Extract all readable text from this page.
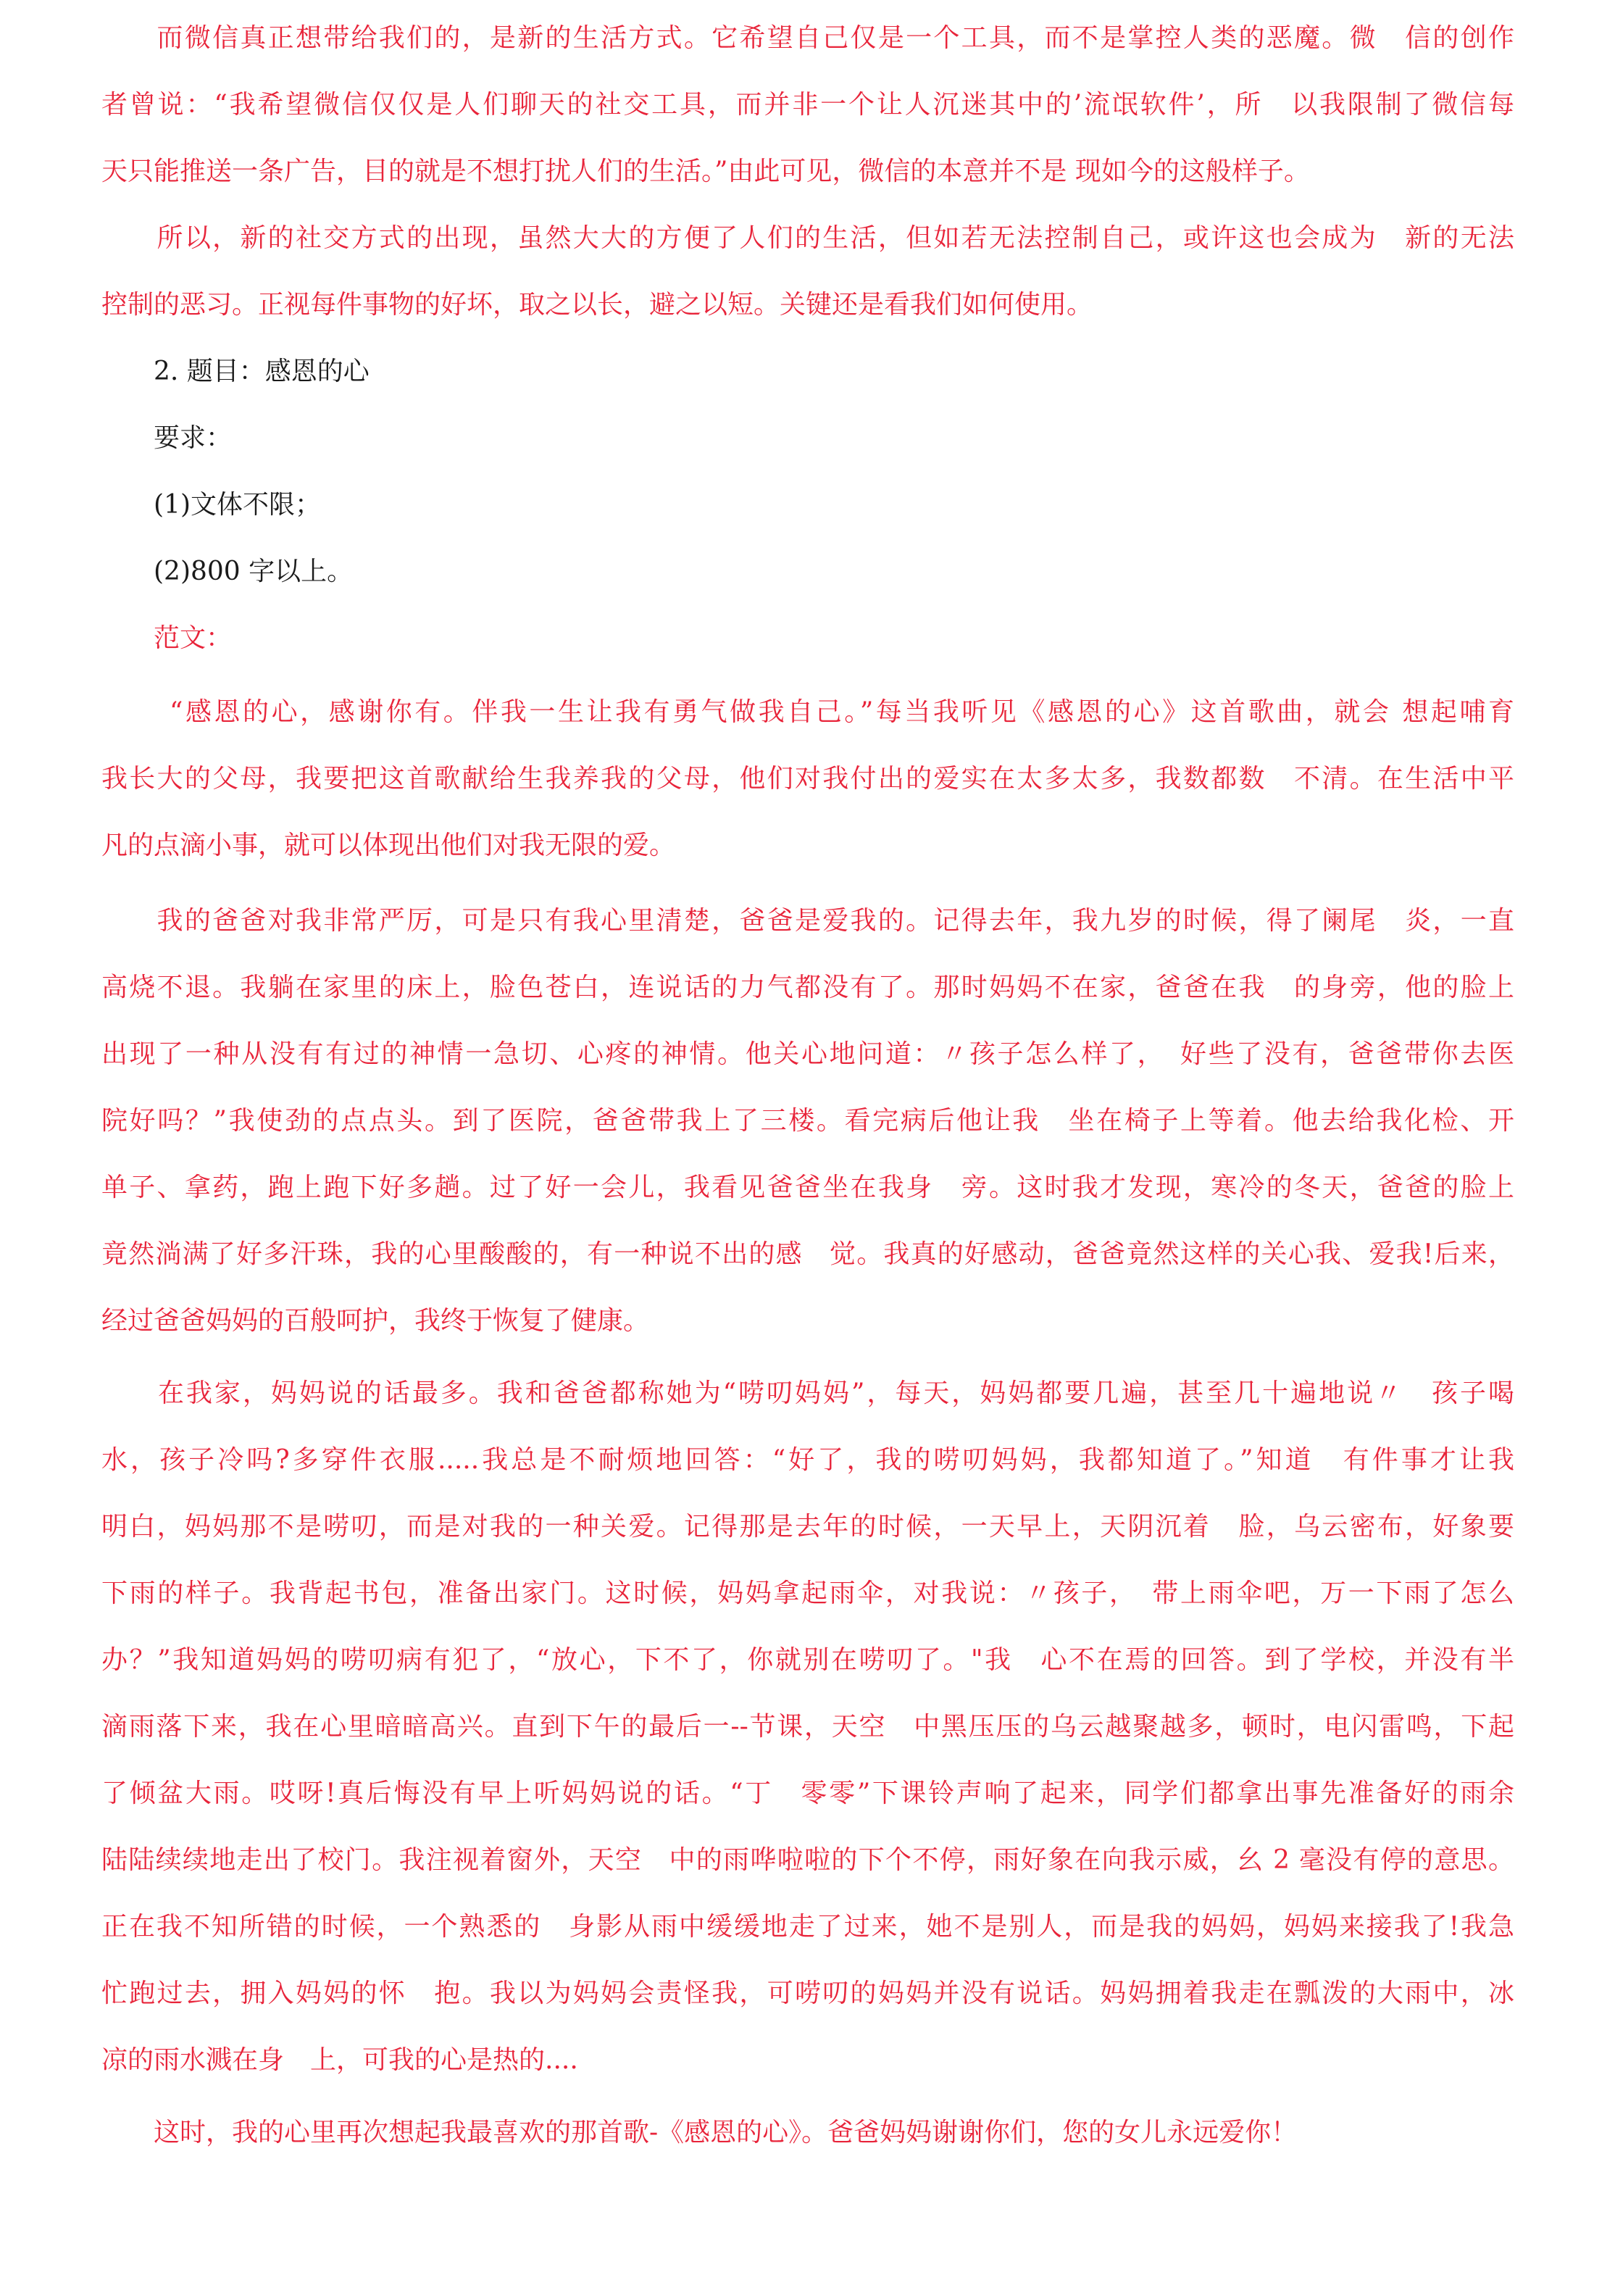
　　而微信真正想带给我们的，是新的生活方式。它希望自己仅是一个工具，而不是掌控人类的恶魔。微　信的创作

者曾说：“我希望微信仅仅是人们聊天的社交工具，而并非一个让人沉迷其中的’流氓软件’，所　以我限制了微信每

天只能推送一条广告，目的就是不想打扰人们的生活。”由此可见，微信的本意并不是 现如今的这般样子。

　　所以，新的社交方式的出现，虽然大大的方便了人们的生活，但如若无法控制自己，或许这也会成为　新的无法

控制的恶习。正视每件事物的好坏，取之以长，避之以短。关键还是看我们如何使用。

　　2. 题目：感恩的心

　　要求：

　　(1)文体不限；

　　(2)800 字以上。

　　范文：

　　 “感恩的心，感谢你有。伴我一生让我有勇气做我自己。”每当我听见《感恩的心》这首歌曲，就会 想起哺育

我长大的父母，我要把这首歌献给生我养我的父母，他们对我付出的爱实在太多太多，我数都数　不清。在生活中平

凡的点滴小事，就可以体现出他们对我无限的爱。

　　我的爸爸对我非常严厉，可是只有我心里清楚，爸爸是爱我的。记得去年，我九岁的时候，得了阑尾　炎，一直

高烧不退。我躺在家里的床上，脸色苍白，连说话的力气都没有了。那时妈妈不在家，爸爸在我　的身旁，他的脸上

出现了一种从没有有过的神情一急切、心疼的神情。他关心地问道：〃孩子怎么样了，　好些了没有，爸爸带你去医

院好吗？”我使劲的点点头。到了医院，爸爸带我上了三楼。看完病后他让我　坐在椅子上等着。他去给我化检、开

单子、拿药，跑上跑下好多趟。过了好一会儿，我看见爸爸坐在我身　旁。这时我才发现，寒冷的冬天，爸爸的脸上

竟然淌满了好多汗珠，我的心里酸酸的，有一种说不出的感　觉。我真的好感动，爸爸竟然这样的关心我、爱我!后来，

经过爸爸妈妈的百般呵护，我终于恢复了健康。

　　在我家，妈妈说的话最多。我和爸爸都称她为“唠叨妈妈”，每天，妈妈都要几遍，甚至几十遍地说〃　孩子喝

水，孩子冷吗?多穿件衣服.....我总是不耐烦地回答：“好了，我的唠叨妈妈，我都知道了。”知道　有件事才让我

明白，妈妈那不是唠叨，而是对我的一种关爱。记得那是去年的时候，一天早上，天阴沉着　脸，乌云密布，好象要

下雨的样子。我背起书包，准备出家门。这时候，妈妈拿起雨伞，对我说：〃孩子，　带上雨伞吧，万一下雨了怎么

办？”我知道妈妈的唠叨病有犯了，“放心，下不了，你就别在唠叨了。"我　心不在焉的回答。到了学校，并没有半

滴雨落下来，我在心里暗暗高兴。直到下午的最后一--节课，天空　中黑压压的乌云越聚越多，顿时，电闪雷鸣，下起

了倾盆大雨。哎呀!真后悔没有早上听妈妈说的话。“丁　零零”下课铃声响了起来，同学们都拿出事先准备好的雨余

陆陆续续地走出了校门。我注视着窗外，天空　中的雨哗啦啦的下个不停，雨好象在向我示威，幺 2 毫没有停的意思。

正在我不知所错的时候，一个熟悉的　身影从雨中缓缓地走了过来，她不是别人，而是我的妈妈，妈妈来接我了!我急

忙跑过去，拥入妈妈的怀　抱。我以为妈妈会责怪我，可唠叨的妈妈并没有说话。妈妈拥着我走在瓢泼的大雨中，冰

凉的雨水溅在身　上，可我的心是热的....

　　这时，我的心里再次想起我最喜欢的那首歌-《感恩的心》。爸爸妈妈谢谢你们，您的女儿永远爱你！
